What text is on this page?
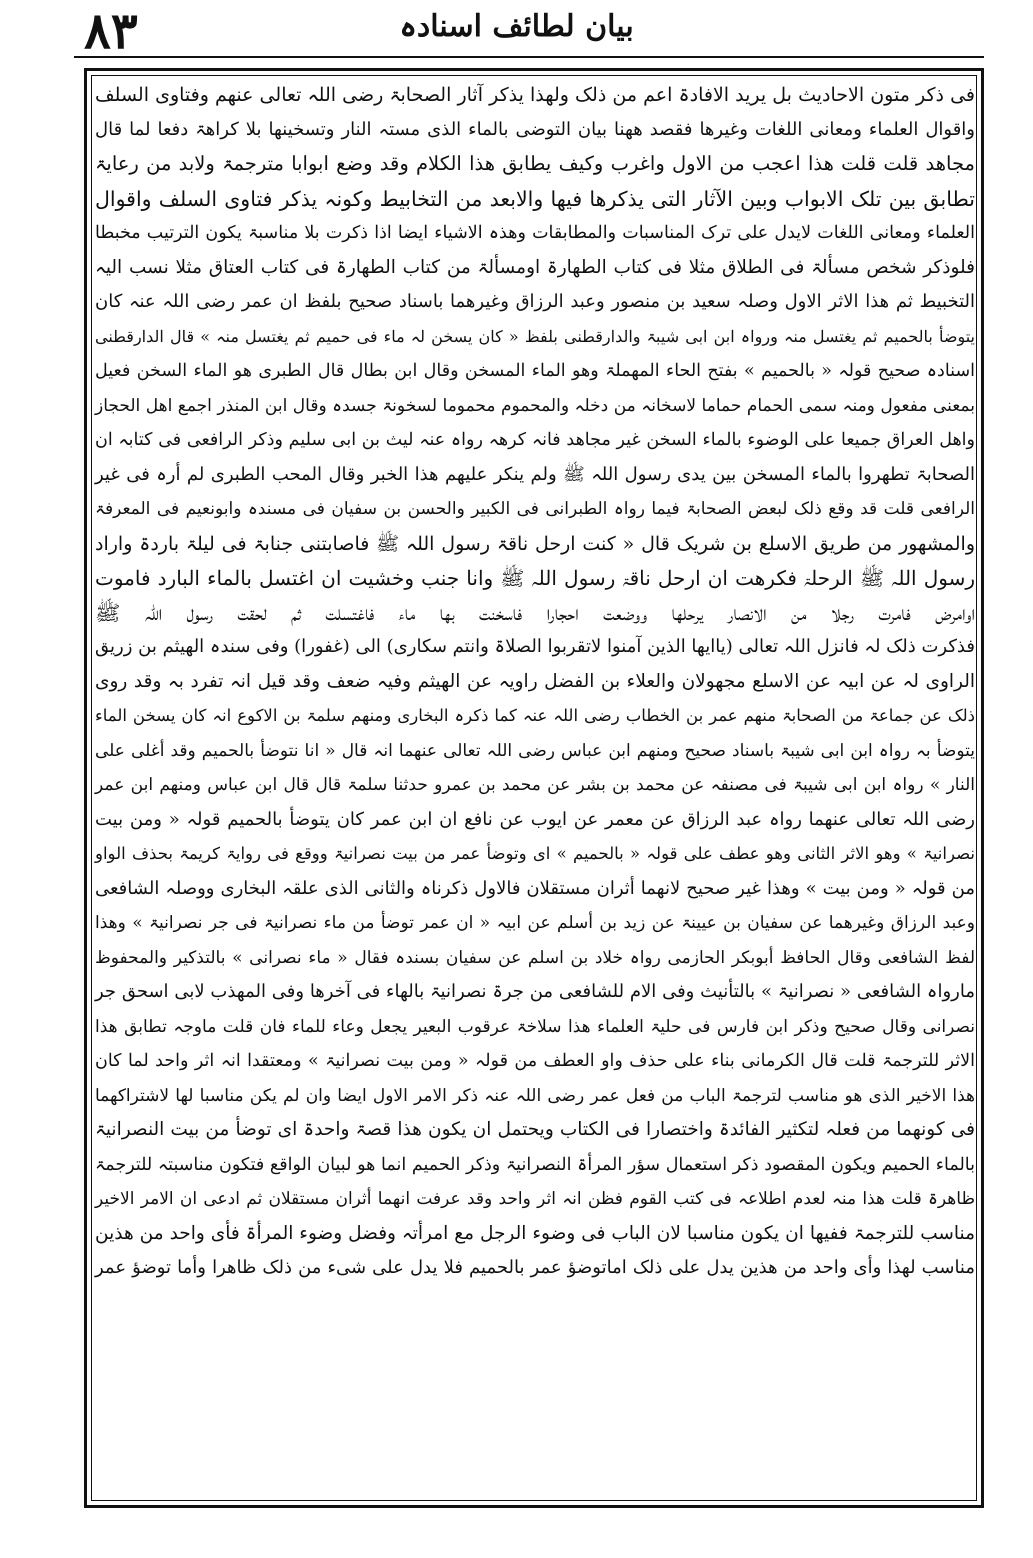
۸۳	بیان لطائف اسنادہ
فی ذکر متون الاحادیث بل یرید الافادۃ اعم من ذلک ولھذا یذکر آثار الصحابۃ رضی اللہ تعالی عنھم وفتاوی السلف
واقوال العلماء ومعانی اللغات وغیرھا فقصد ھھنا بیان التوضی بالماء الذی مستہ النار وتسخینھا بلا کراھۃ دفعا لما قال
مجاھد قلت قلت ھذا اعجب من الاول واغرب وکیف یطابق ھذا الکلام وقد وضع ابوابا مترجمۃ ولابد من رعایۃ
تطابق بین تلک الابواب وبین الآثار التی یذکرھا فیھا والابعد من التخابیط وکونہ یذکر فتاوی السلف واقوال
العلماء ومعانی اللغات لایدل علی ترک المناسبات والمطابقات وھذہ الاشیاء ایضا اذا ذکرت بلا مناسبۃ یکون الترتیب مخبطا
فلوذکر شخص مسألۃ فی الطلاق مثلا فی کتاب الطھارۃ اومسألۃ من کتاب الطھارۃ فی کتاب العتاق مثلا نسب الیہ
التخبیط ثم ھذا الاثر الاول وصلہ سعید بن منصور وعبد الرزاق وغیرھما باسناد صحیح بلفظ ان عمر رضی اللہ عنہ کان
یتوضأ بالحمیم ثم یغتسل منہ ورواہ ابن ابی شیبۃ والدارقطنی بلفظ « کان یسخن لہ ماء فی حمیم ثم یغتسل منہ » قال الدارقطنی
اسنادہ صحیح قولہ « بالحمیم » بفتح الحاء المھملۃ وھو الماء المسخن وقال ابن بطال قال الطبری ھو الماء السخن فعیل
بمعنی مفعول ومنہ سمی الحمام حماما لاسخانہ من دخلہ والمحموم محموما لسخونۃ جسدہ وقال ابن المنذر اجمع اھل الحجاز
واھل العراق جمیعا علی الوضوء بالماء السخن غیر مجاھد فانہ کرھہ رواہ عنہ لیث بن ابی سلیم وذکر الرافعی فی کتابہ ان
الصحابۃ تطھروا بالماء المسخن بین یدی رسول اللہ ﷺ ولم ینکر علیھم ھذا الخبر وقال المحب الطبری لم أرہ فی غیر
الرافعی قلت قد وقع ذلک لبعض الصحابۃ فیما رواہ الطبرانی فی الکبیر والحسن بن سفیان فی مسندہ وابونعیم فی المعرفۃ
والمشھور من طریق الاسلع بن شریک قال « کنت ارحل ناقۃ رسول اللہ ﷺ فاصابتنی جنابۃ فی لیلۃ باردۃ واراد
رسول اللہ ﷺ الرحلۃ فکرھت ان ارحل ناقۃ رسول اللہ ﷺ وانا جنب وخشیت ان اغتسل بالماء البارد فاموت
اوامرض فامرت رجلا من الانصار یرحلھا ووضعت احجارا فاسخنت بھا ماء فاغتسلت ثم لحقت رسول اللہ ﷺ
فذکرت ذلک لہ فانزل اللہ تعالی (یاایھا الذین آمنوا لاتقربوا الصلاۃ وانتم سکاری) الی (غفورا) وفی سندہ الھیثم بن زریق
الراوی لہ عن ابیہ عن الاسلع مجھولان والعلاء بن الفضل راویہ عن الھیثم وفیہ ضعف وقد قیل انہ تفرد بہ وقد روی
ذلک عن جماعۃ من الصحابۃ منھم عمر بن الخطاب رضی اللہ عنہ کما ذکرہ البخاری ومنھم سلمۃ بن الاکوع انہ کان یسخن الماء
یتوضأ بہ رواہ ابن ابی شیبۃ باسناد صحیح ومنھم ابن عباس رضی اللہ تعالی عنھما انہ قال « انا نتوضأ بالحمیم وقد أغلی علی
النار » رواہ ابن ابی شیبۃ فی مصنفہ عن محمد بن بشر عن محمد بن عمرو حدثنا سلمۃ قال قال ابن عباس ومنھم ابن عمر
رضی اللہ تعالی عنھما رواہ عبد الرزاق عن معمر عن ایوب عن نافع ان ابن عمر کان یتوضأ بالحمیم قولہ « ومن بیت
نصرانیۃ » وھو الاثر الثانی وھو عطف علی قولہ « بالحمیم » ای وتوضأ عمر من بیت نصرانیۃ ووقع فی روایۃ کریمۃ بحذف الواو
من قولہ « ومن بیت » وھذا غیر صحیح لانھما أثران مستقلان فالاول ذکرناہ والثانی الذی علقہ البخاری ووصلہ الشافعی
وعبد الرزاق وغیرھما عن سفیان بن عیینۃ عن زید بن أسلم عن ابیہ « ان عمر توضأ من ماء نصرانیۃ فی جر نصرانیۃ » وھذا
لفظ الشافعی وقال الحافظ أبوبکر الحازمی رواہ خلاد بن اسلم عن سفیان بسندہ فقال « ماء نصرانی » بالتذکیر والمحفوظ
مارواہ الشافعی « نصرانیۃ » بالتأنیث وفی الام للشافعی من جرۃ نصرانیۃ بالھاء فی آخرھا وفی المھذب لابی اسحق جر
نصرانی وقال صحیح وذکر ابن فارس فی حلیۃ العلماء ھذا سلاخۃ عرقوب البعیر یجعل وعاء للماء فان قلت ماوجہ تطابق ھذا
الاثر للترجمۃ قلت قال الکرمانی بناء علی حذف واو العطف من قولہ « ومن بیت نصرانیۃ » ومعتقدا انہ اثر واحد لما کان
ھذا الاخیر الذی ھو مناسب لترجمۃ الباب من فعل عمر رضی اللہ عنہ ذکر الامر الاول ایضا وان لم یکن مناسبا لھا لاشتراکھما
فی کونھما من فعلہ لتکثیر الفائدۃ واختصارا فی الکتاب ویحتمل ان یکون ھذا قصۃ واحدۃ ای توضأ من بیت النصرانیۃ
بالماء الحمیم ویکون المقصود ذکر استعمال سؤر المرأۃ النصرانیۃ وذکر الحمیم انما ھو لبیان الواقع فتکون مناسبتہ للترجمۃ
ظاھرۃ قلت ھذا منہ لعدم اطلاعہ فی کتب القوم فظن انہ اثر واحد وقد عرفت انھما أثران مستقلان ثم ادعی ان الامر الاخیر
مناسب للترجمۃ ففیھا ان یکون مناسبا لان الباب فی وضوء الرجل مع امرأتہ وفضل وضوء المرأۃ فأی واحد من ھذین
مناسب لھذا وأی واحد من ھذین یدل علی ذلک اماتوضؤ عمر بالحمیم فلا یدل علی شیء من ذلک ظاھرا وأما توضؤ عمر
